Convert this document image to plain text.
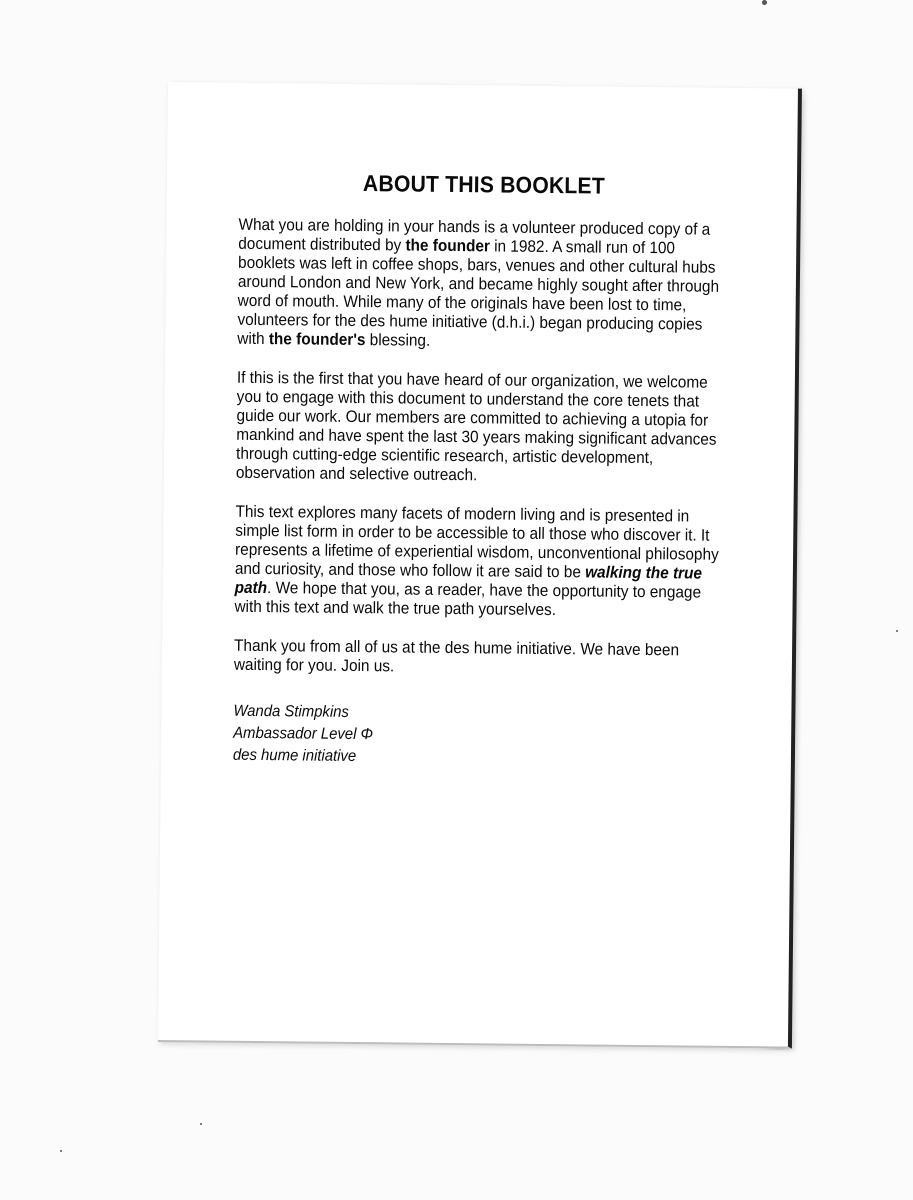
ABOUT THIS BOOKLET

What you are holding in your hands is a volunteer produced copy of a document distributed by the founder in 1982. A small run of 100 booklets was left in coffee shops, bars, venues and other cultural hubs around London and New York, and became highly sought after through word of mouth. While many of the originals have been lost to time, volunteers for the des hume initiative (d.h.i.) began producing copies with the founder's blessing.

If this is the first that you have heard of our organization, we welcome you to engage with this document to understand the core tenets that guide our work. Our members are committed to achieving a utopia for mankind and have spent the last 30 years making significant advances through cutting-edge scientific research, artistic development, observation and selective outreach.

This text explores many facets of modern living and is presented in simple list form in order to be accessible to all those who discover it. It represents a lifetime of experiential wisdom, unconventional philosophy and curiosity, and those who follow it are said to be walking the true path. We hope that you, as a reader, have the opportunity to engage with this text and walk the true path yourselves.

Thank you from all of us at the des hume initiative. We have been waiting for you. Join us.

Wanda Stimpkins
Ambassador Level Φ
des hume initiative
